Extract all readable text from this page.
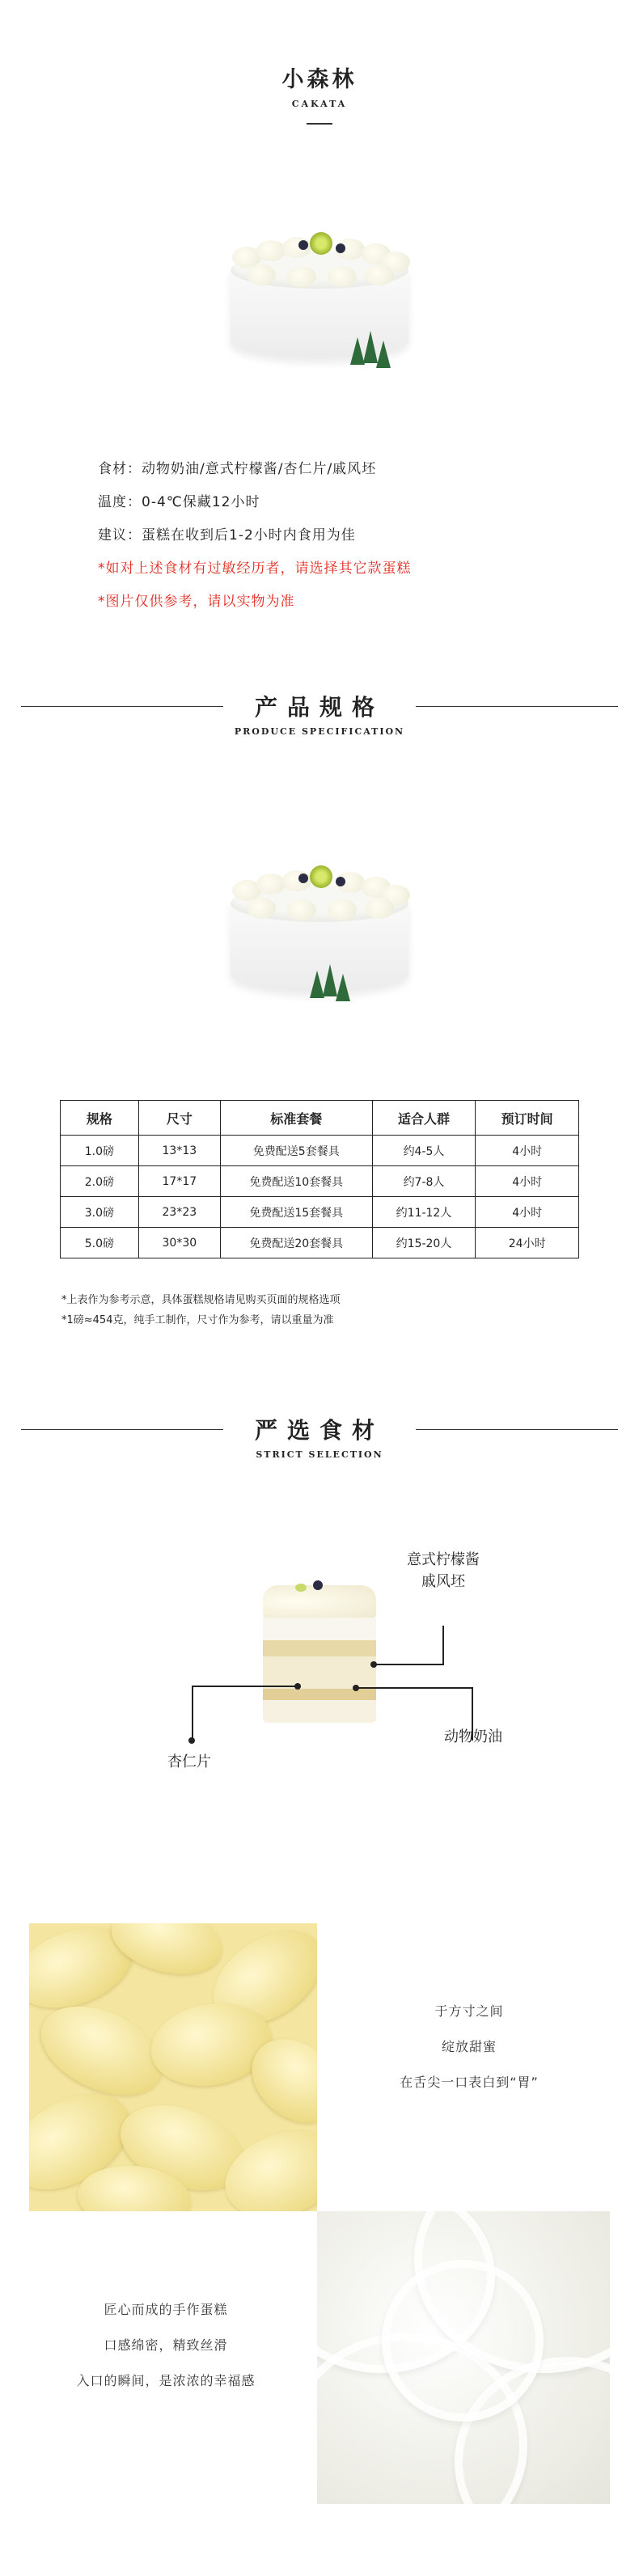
小森林
CAKATA
食材：动物奶油/意式柠檬酱/杏仁片/戚风坯
温度：0-4℃保藏12小时
建议：蛋糕在收到后1-2小时内食用为佳
*如对上述食材有过敏经历者，请选择其它款蛋糕
*图片仅供参考，请以实物为准
产品规格
PRODUCE SPECIFICATION
规格	尺寸	标准套餐	适合人群	预订时间
1.0磅	13*13	免费配送5套餐具	约4-5人	4小时
2.0磅	17*17	免费配送10套餐具	约7-8人	4小时
3.0磅	23*23	免费配送15套餐具	约11-12人	4小时
5.0磅	30*30	免费配送20套餐具	约15-20人	24小时
*上表作为参考示意，具体蛋糕规格请见购买页面的规格选项
*1磅≈454克，纯手工制作，尺寸作为参考，请以重量为准
严选食材
STRICT SELECTION
意式柠檬酱
戚风坯
杏仁片
动物奶油
于方寸之间
绽放甜蜜
在舌尖一口表白到“胃”
匠心而成的手作蛋糕
口感绵密，精致丝滑
入口的瞬间，是浓浓的幸福感
